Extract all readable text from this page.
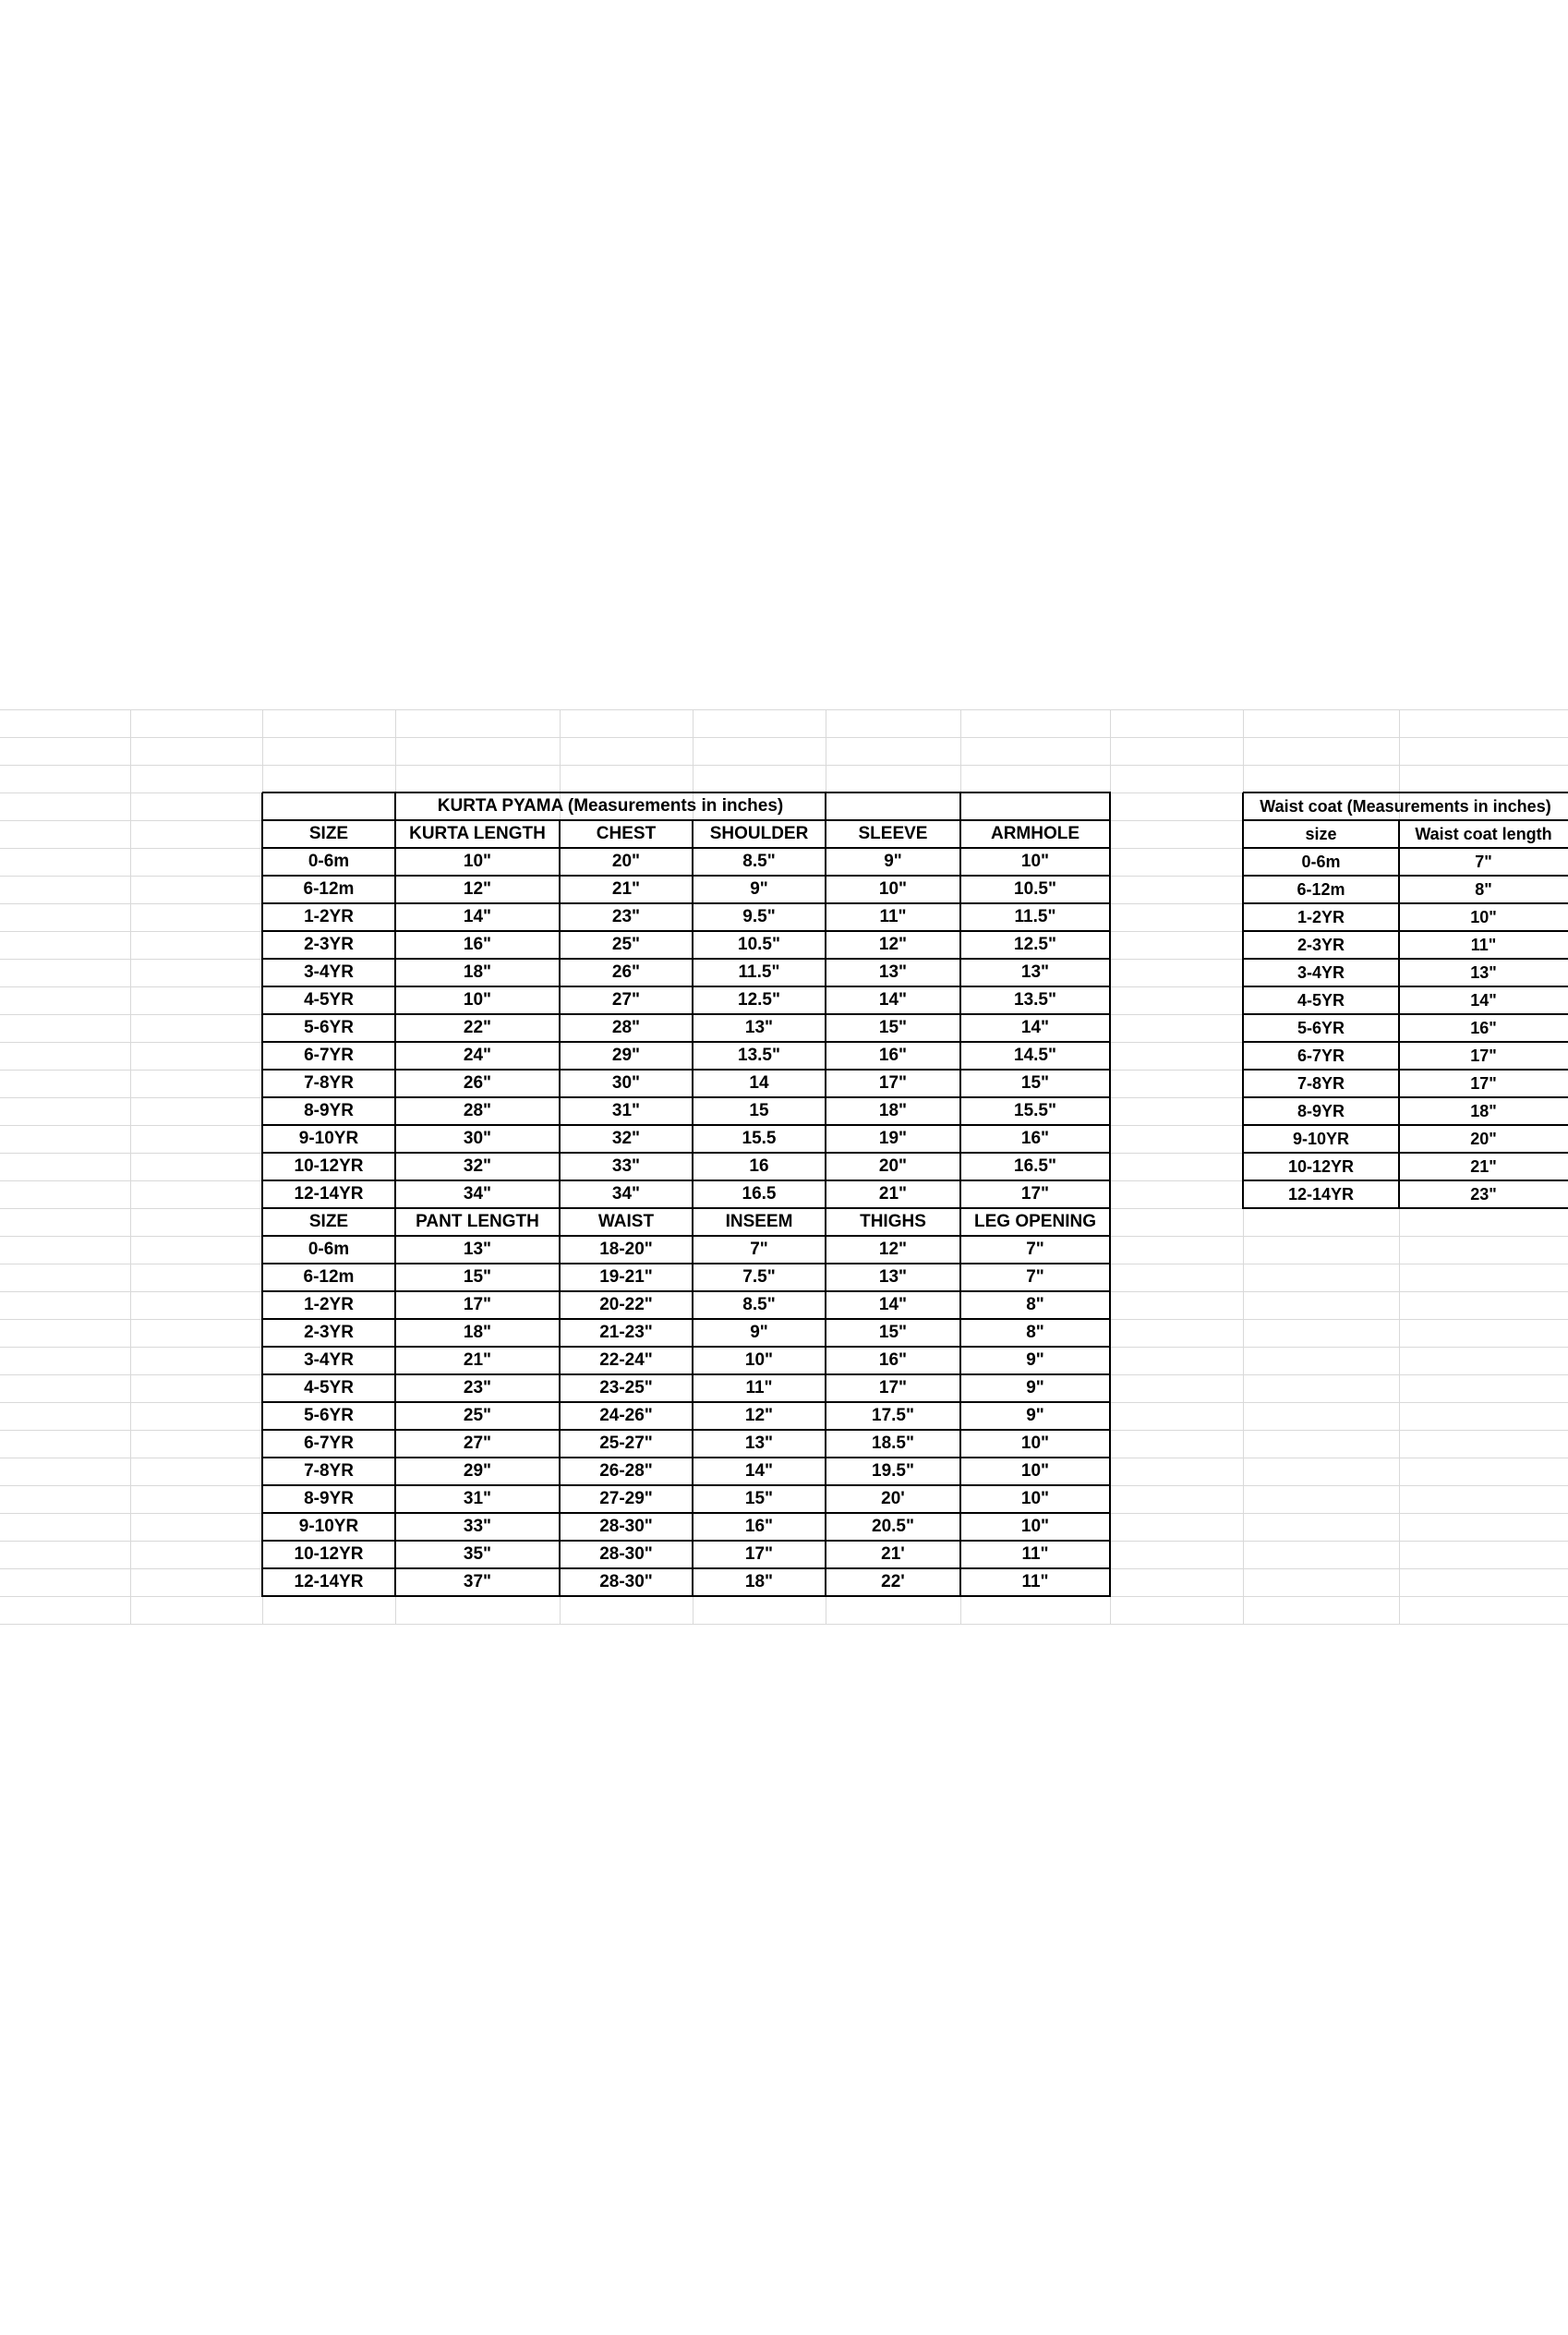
KURTA PYAMA (Measurements in inches)
SIZE	KURTA LENGTH	CHEST	SHOULDER	SLEEVE	ARMHOLE
0-6m	10"	20"	8.5"	9"	10"
6-12m	12"	21"	9"	10"	10.5"
1-2YR	14"	23"	9.5"	11"	11.5"
2-3YR	16"	25"	10.5"	12"	12.5"
3-4YR	18"	26"	11.5"	13"	13"
4-5YR	10"	27"	12.5"	14"	13.5"
5-6YR	22"	28"	13"	15"	14"
6-7YR	24"	29"	13.5"	16"	14.5"
7-8YR	26"	30"	14	17"	15"
8-9YR	28"	31"	15	18"	15.5"
9-10YR	30"	32"	15.5	19"	16"
10-12YR	32"	33"	16	20"	16.5"
12-14YR	34"	34"	16.5	21"	17"
SIZE	PANT LENGTH	WAIST	INSEEM	THIGHS	LEG OPENING
0-6m	13"	18-20"	7"	12"	7"
6-12m	15"	19-21"	7.5"	13"	7"
1-2YR	17"	20-22"	8.5"	14"	8"
2-3YR	18"	21-23"	9"	15"	8"
3-4YR	21"	22-24"	10"	16"	9"
4-5YR	23"	23-25"	11"	17"	9"
5-6YR	25"	24-26"	12"	17.5"	9"
6-7YR	27"	25-27"	13"	18.5"	10"
7-8YR	29"	26-28"	14"	19.5"	10"
8-9YR	31"	27-29"	15"	20'	10"
9-10YR	33"	28-30"	16"	20.5"	10"
10-12YR	35"	28-30"	17"	21'	11"
12-14YR	37"	28-30"	18"	22'	11"
Waist coat (Measurements in inches)
size	Waist coat length
0-6m	7"
6-12m	8"
1-2YR	10"
2-3YR	11"
3-4YR	13"
4-5YR	14"
5-6YR	16"
6-7YR	17"
7-8YR	17"
8-9YR	18"
9-10YR	20"
10-12YR	21"
12-14YR	23"
